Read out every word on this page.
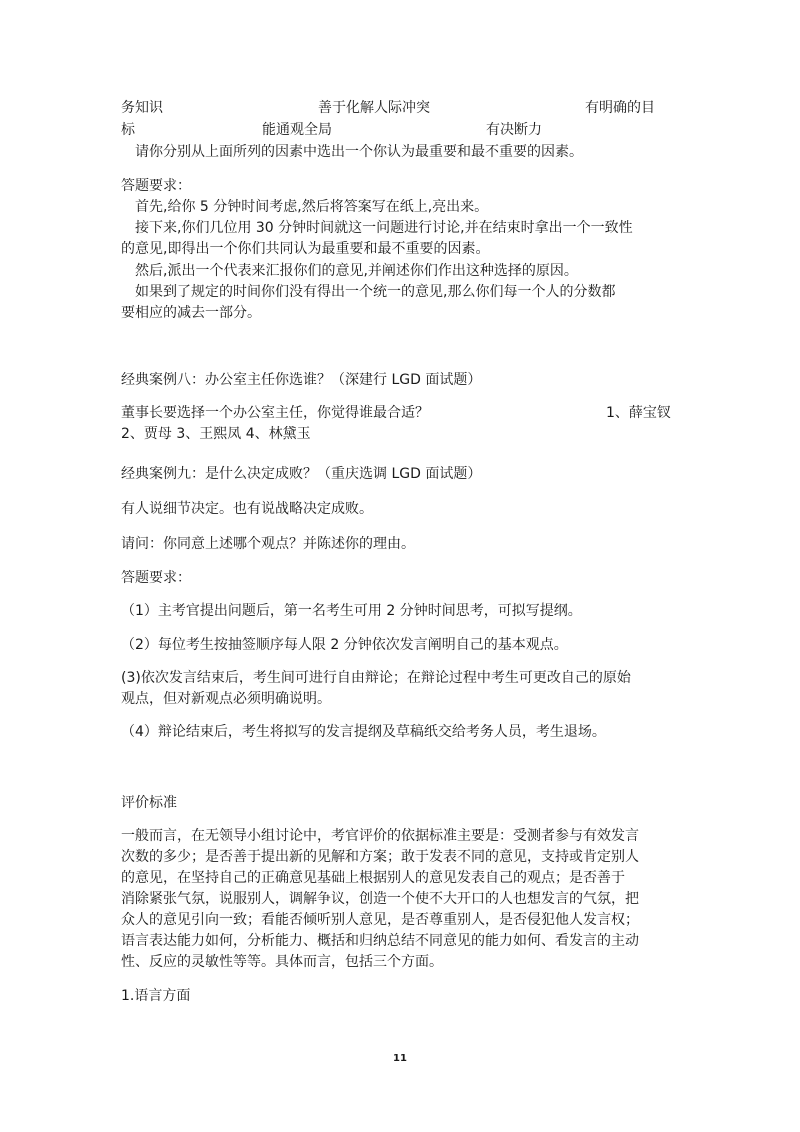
务知识	善于化解人际冲突	有明确的目
标	能通观全局	有决断力
请你分别从上面所列的因素中选出一个你认为最重要和最不重要的因素。
答题要求：
首先,给你 5 分钟时间考虑,然后将答案写在纸上,亮出来。
接下来,你们几位用 30 分钟时间就这一问题进行讨论,并在结束时拿出一个一致性
的意见,即得出一个你们共同认为最重要和最不重要的因素。
然后,派出一个代表来汇报你们的意见,并阐述你们作出这种选择的原因。
如果到了规定的时间你们没有得出一个统一的意见,那么你们每一个人的分数都
要相应的减去一部分。
经典案例八：办公室主任你选谁？（深建行 LGD 面试题）
董事长要选择一个办公室主任，你觉得谁最合适？	1、薛宝钗
2、贾母 3、王熙凤 4、林黛玉
经典案例九：是什么决定成败？（重庆选调 LGD 面试题）
有人说细节决定。也有说战略决定成败。
请问：你同意上述哪个观点？并陈述你的理由。
答题要求：
（1）主考官提出问题后，第一名考生可用 2 分钟时间思考，可拟写提纲。
（2）每位考生按抽签顺序每人限 2 分钟依次发言阐明自己的基本观点。
(3)依次发言结束后，考生间可进行自由辩论；在辩论过程中考生可更改自己的原始
观点，但对新观点必须明确说明。
（4）辩论结束后，考生将拟写的发言提纲及草稿纸交给考务人员，考生退场。
评价标准
一般而言，在无领导小组讨论中，考官评价的依据标准主要是：受测者参与有效发言
次数的多少；是否善于提出新的见解和方案；敢于发表不同的意见，支持或肯定别人
的意见，在坚持自己的正确意见基础上根据别人的意见发表自己的观点；是否善于
消除紧张气氛，说服别人，调解争议，创造一个使不大开口的人也想发言的气氛，把
众人的意见引向一致；看能否倾听别人意见，是否尊重别人，是否侵犯他人发言权；
语言表达能力如何，分析能力、概括和归纳总结不同意见的能力如何、看发言的主动
性、反应的灵敏性等等。具体而言，包括三个方面。
1.语言方面
11
